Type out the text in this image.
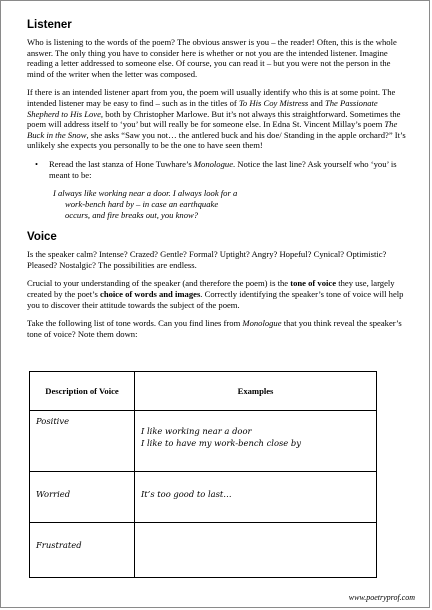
Listener

Who is listening to the words of the poem? The obvious answer is you – the reader! Often, this is the whole answer. The only thing you have to consider here is whether or not you are the intended listener. Imagine reading a letter addressed to someone else. Of course, you can read it – but you were not the person in the mind of the writer when the letter was composed.

If there is an intended listener apart from you, the poem will usually identify who this is at some point. The intended listener may be easy to find – such as in the titles of To His Coy Mistress and The Passionate Shepherd to His Love, both by Christopher Marlowe. But it’s not always this straightforward. Sometimes the poem will address itself to ‘you’ but will really be for someone else. In Edna St. Vincent Millay’s poem The Buck in the Snow, she asks “Saw you not… the antlered buck and his doe/ Standing in the apple orchard?” It’s unlikely she expects you personally to be the one to have seen them!

•	Reread the last stanza of Hone Tuwhare’s Monologue. Notice the last line? Ask yourself who ‘you’ is meant to be:
I always like working near a door. I always look for a
work-bench hard by – in case an earthquake
occurs, and fire breaks out, you know?
Voice

Is the speaker calm? Intense? Crazed? Gentle? Formal? Uptight? Angry? Hopeful? Cynical? Optimistic? Pleased? Nostalgic? The possibilities are endless.

Crucial to your understanding of the speaker (and therefore the poem) is the tone of voice they use, largely created by the poet’s choice of words and images. Correctly identifying the speaker’s tone of voice will help you to discover their attitude towards the subject of the poem.

Take the following list of tone words. Can you find lines from Monologue that you think reveal the speaker’s tone of voice? Note them down:

Description of Voice	Examples
Positive	I like working near a door
I like to have my work-bench close by

Worried	It’s too good to last…

Frustrated	

www.poetryprof.com
